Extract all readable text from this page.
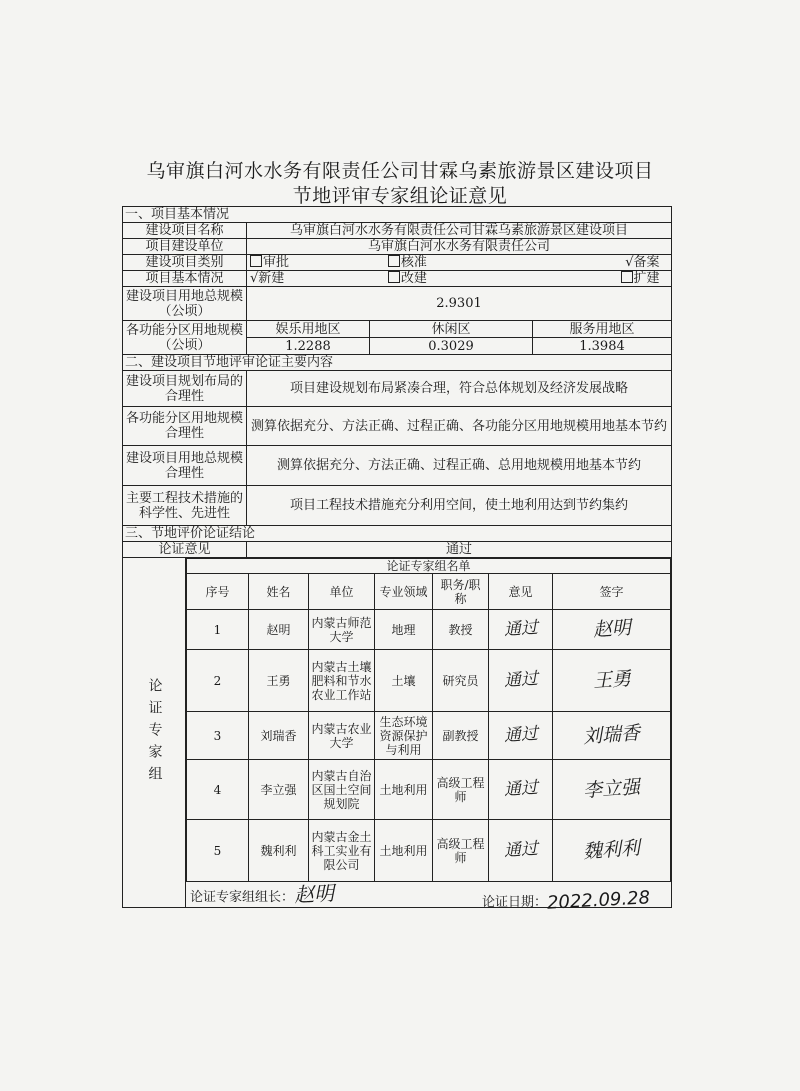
乌审旗白河水水务有限责任公司甘霖乌素旅游景区建设项目
节地评审专家组论证意见
一、项目基本情况
建设项目名称	乌审旗白河水水务有限责任公司甘霖乌素旅游景区建设项目
项目建设单位	乌审旗白河水水务有限责任公司
建设项目类别	审批	核准	√备案
项目基本情况	√新建	改建	扩建
建设项目用地总规模（公顷）	2.9301
各功能分区用地规模（公顷）	娱乐用地区	休闲区	服务用地区
1.2288	0.3029	1.3984
二、建设项目节地评审论证主要内容
建设项目规划布局的合理性	项目建设规划布局紧凑合理，符合总体规划及经济发展战略
各功能分区用地规模合理性	测算依据充分、方法正确、过程正确、各功能分区用地规模用地基本节约
建设项目用地总规模合理性	测算依据充分、方法正确、过程正确、总用地规模用地基本节约
主要工程技术措施的科学性、先进性	项目工程技术措施充分利用空间，使土地利用达到节约集约
三、节地评价论证结论
论证意见	通过

论证专家组
论证专家组名单
序号	姓名	单位	专业领域	职务/职称	意见	签字
1	赵明	内蒙古师范大学	地理	教授	通过	赵明
2	王勇	内蒙古土壤肥料和节水农业工作站	土壤	研究员	通过	王勇
3	刘瑞香	内蒙古农业大学	生态环境资源保护与利用	副教授	通过	刘瑞香
4	李立强	内蒙古自治区国土空间规划院	土地利用	高级工程师	通过	李立强
5	魏利利	内蒙古金土科工实业有限公司	土地利用	高级工程师	通过	魏利利
论证专家组组长：赵明	论证日期：2022.09.28
